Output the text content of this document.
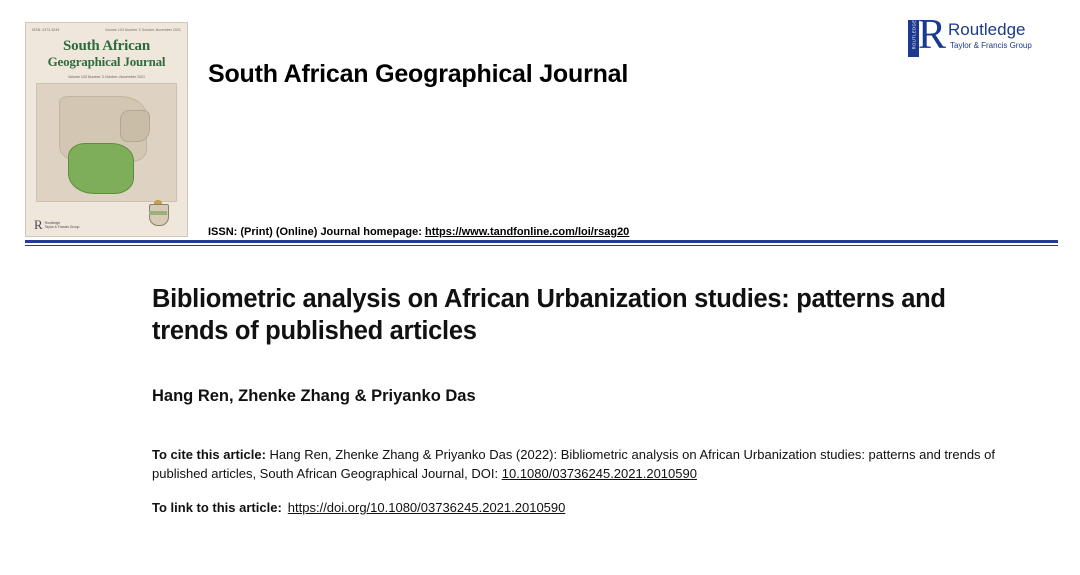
ISSN: 0373-6245	Volume 103 Number 3 October-November 2021
South African
Geographical Journal
Volume 103 Number 3 October–November 2021
R Routledge
Taylor & Francis Group
South African Geographical Journal
ISSN: (Print) (Online) Journal homepage: https://www.tandfonline.com/loi/rsag20
ROUTLEDGE R Routledge
Taylor & Francis Group
Bibliometric analysis on African Urbanization studies: patterns and trends of published articles
Hang Ren, Zhenke Zhang & Priyanko Das
To cite this article: Hang Ren, Zhenke Zhang & Priyanko Das (2022): Bibliometric analysis on African Urbanization studies: patterns and trends of published articles, South African Geographical Journal, DOI: 10.1080/03736245.2021.2010590
To link to this article: https://doi.org/10.1080/03736245.2021.2010590
